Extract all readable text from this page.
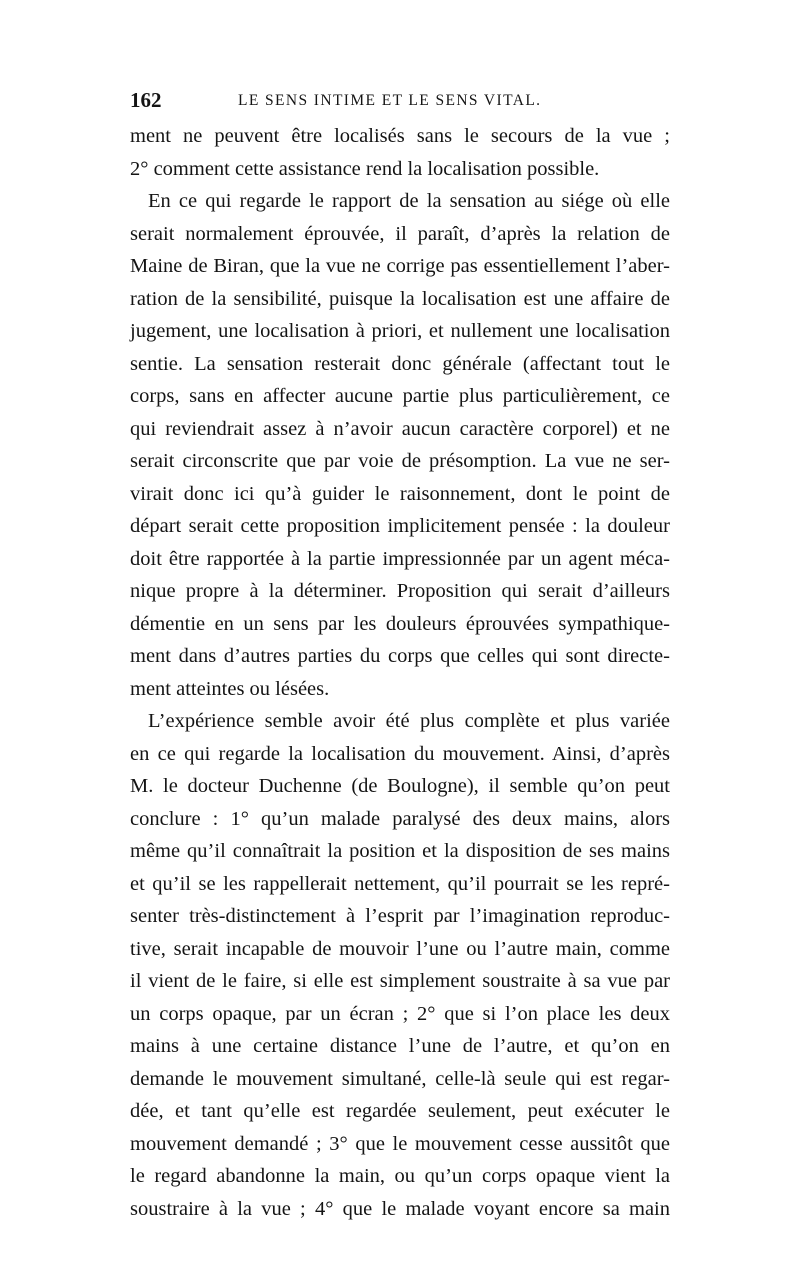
162	LE SENS INTIME ET LE SENS VITAL.
ment ne peuvent être localisés sans le secours de la vue ;
2° comment cette assistance rend la localisation possible.
En ce qui regarde le rapport de la sensation au siége où elle
serait normalement éprouvée, il paraît, d’après la relation de
Maine de Biran, que la vue ne corrige pas essentiellement l’aber-
ration de la sensibilité, puisque la localisation est une affaire de
jugement, une localisation à priori, et nullement une localisation
sentie. La sensation resterait donc générale (affectant tout le
corps, sans en affecter aucune partie plus particulièrement, ce
qui reviendrait assez à n’avoir aucun caractère corporel) et ne
serait circonscrite que par voie de présomption. La vue ne ser-
virait donc ici qu’à guider le raisonnement, dont le point de
départ serait cette proposition implicitement pensée : la douleur
doit être rapportée à la partie impressionnée par un agent méca-
nique propre à la déterminer. Proposition qui serait d’ailleurs
démentie en un sens par les douleurs éprouvées sympathique-
ment dans d’autres parties du corps que celles qui sont directe-
ment atteintes ou lésées.
L’expérience semble avoir été plus complète et plus variée
en ce qui regarde la localisation du mouvement. Ainsi, d’après
M. le docteur Duchenne (de Boulogne), il semble qu’on peut
conclure : 1° qu’un malade paralysé des deux mains, alors
même qu’il connaîtrait la position et la disposition de ses mains
et qu’il se les rappellerait nettement, qu’il pourrait se les repré-
senter très-distinctement à l’esprit par l’imagination reproduc-
tive, serait incapable de mouvoir l’une ou l’autre main, comme
il vient de le faire, si elle est simplement soustraite à sa vue par
un corps opaque, par un écran ; 2° que si l’on place les deux
mains à une certaine distance l’une de l’autre, et qu’on en
demande le mouvement simultané, celle-là seule qui est regar-
dée, et tant qu’elle est regardée seulement, peut exécuter le
mouvement demandé ; 3° que le mouvement cesse aussitôt que
le regard abandonne la main, ou qu’un corps opaque vient la
soustraire à la vue ; 4° que le malade voyant encore sa main
